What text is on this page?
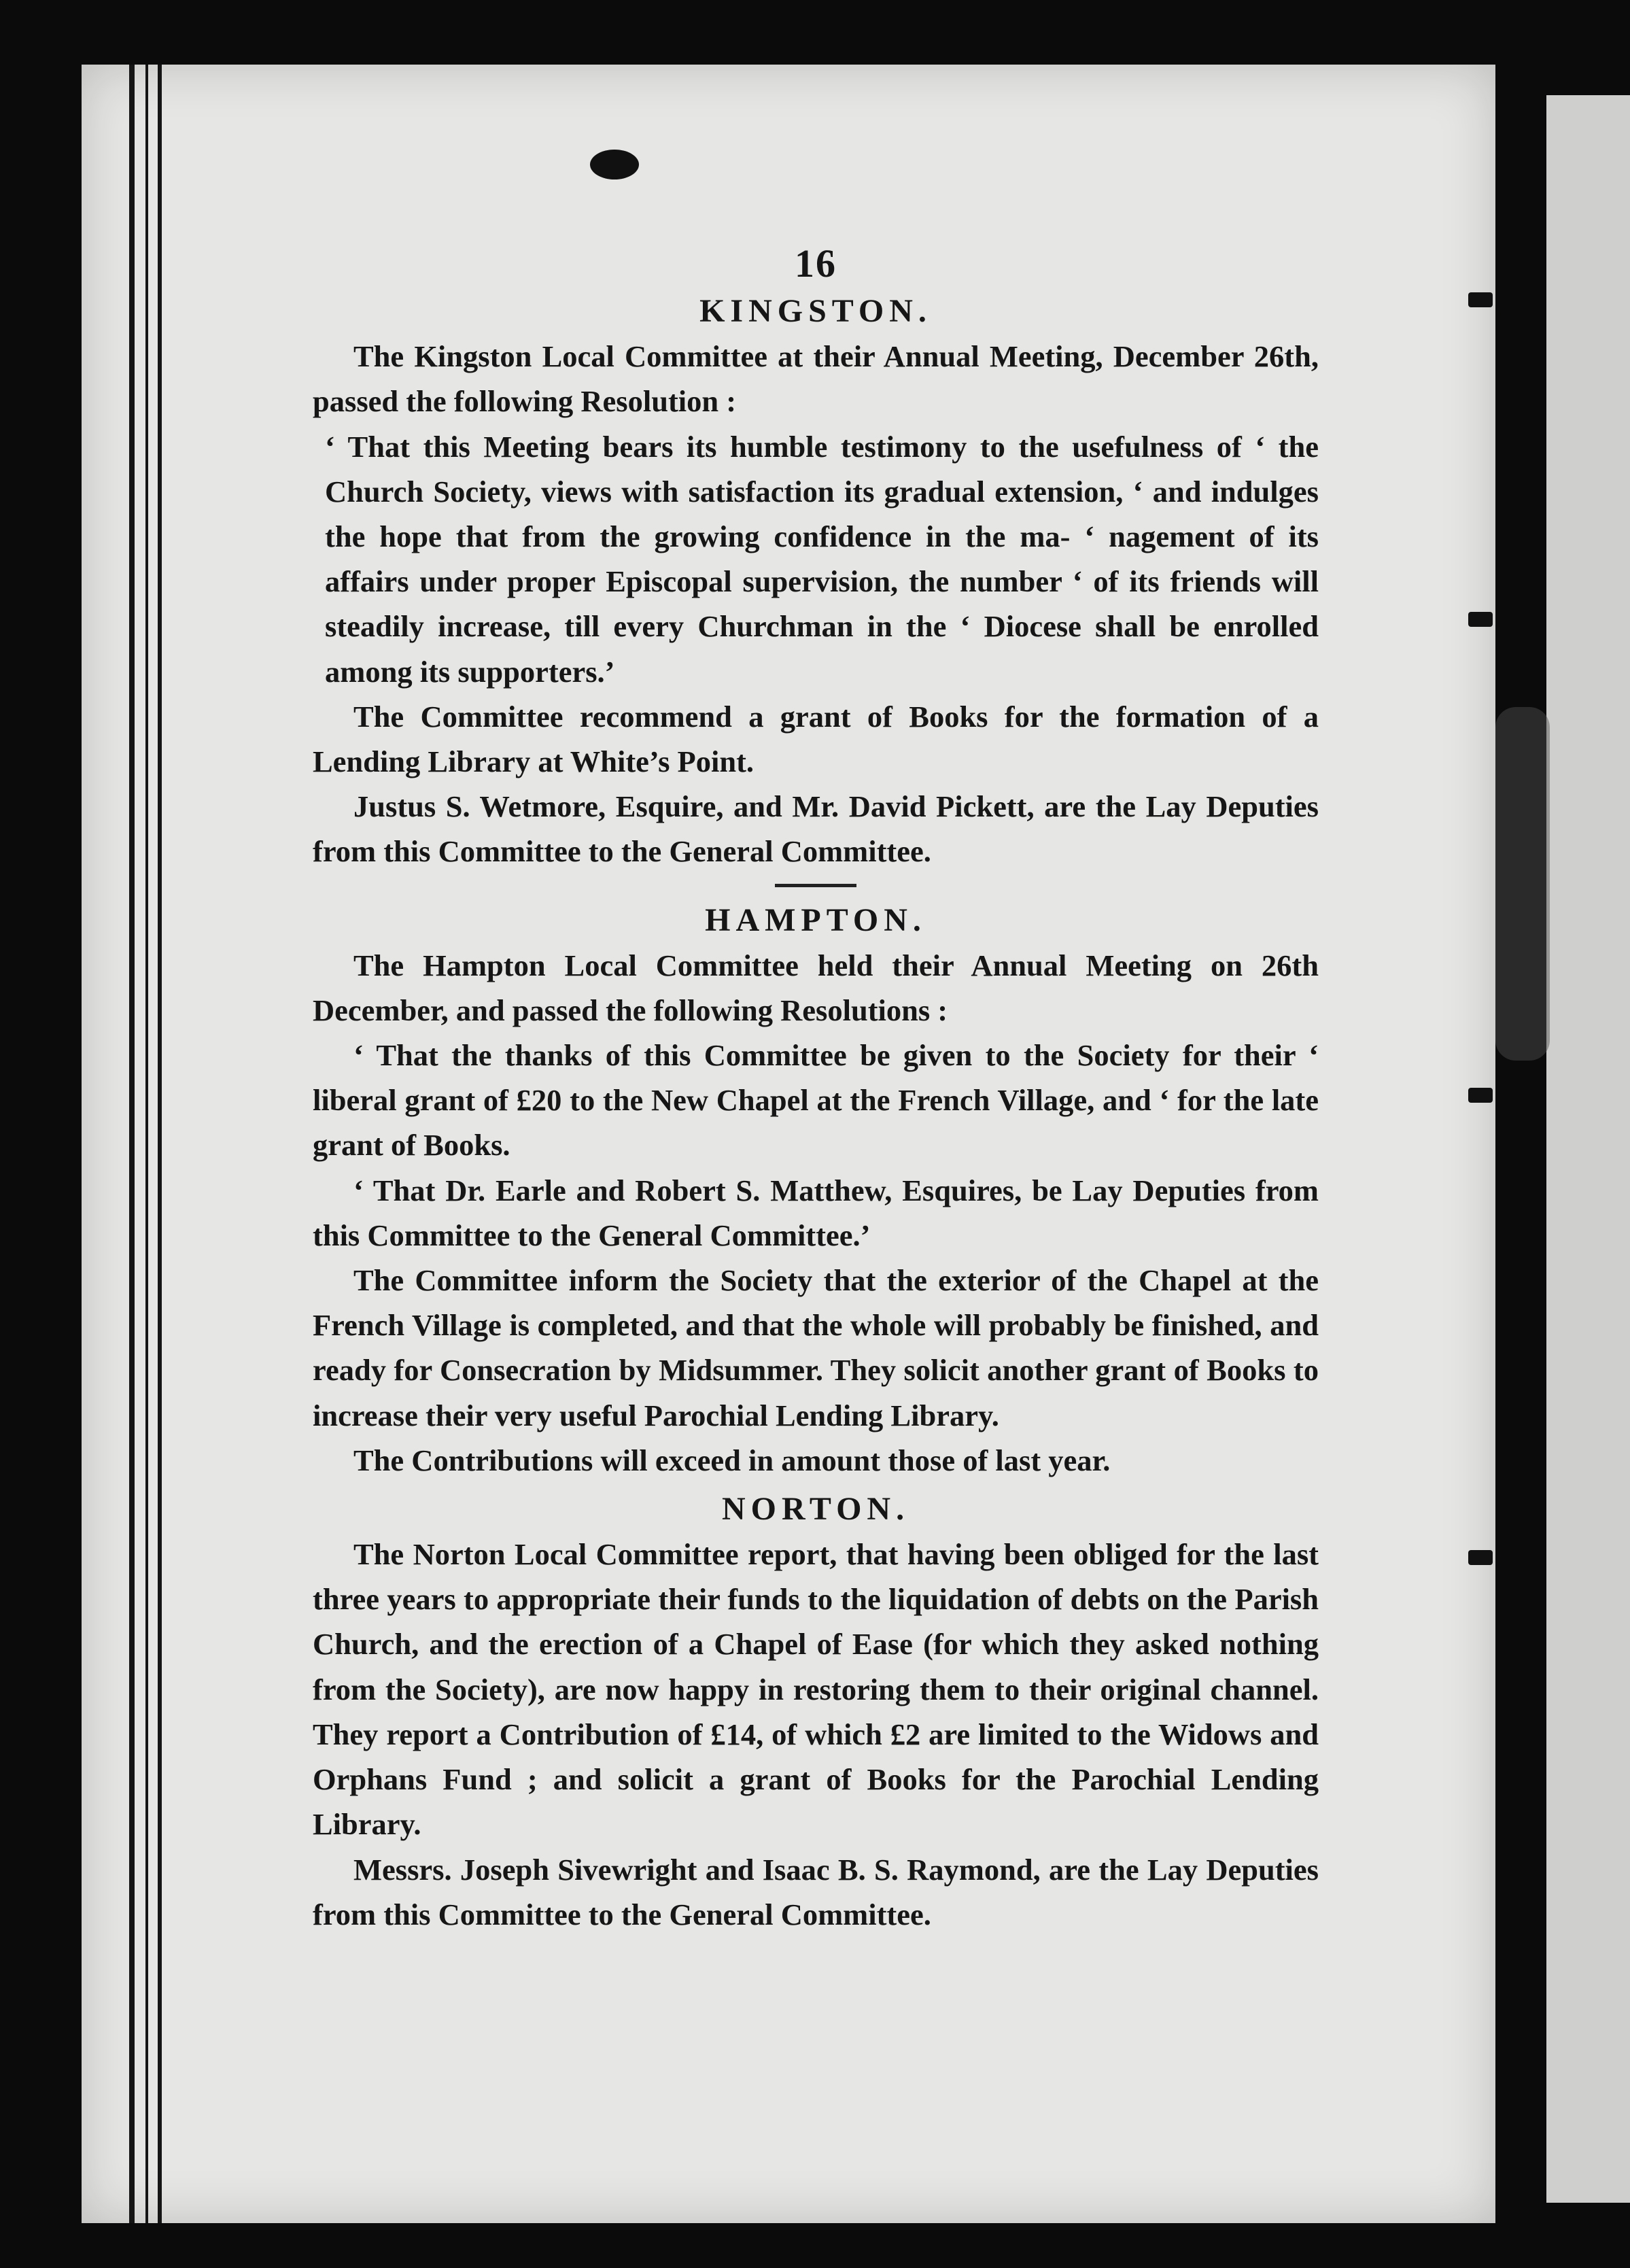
16
KINGSTON.

The Kingston Local Committee at their Annual Meeting, December 26th, passed the following Resolution :

‘ That this Meeting bears its humble testimony to the usefulness of ‘ the Church Society, views with satisfaction its gradual extension, ‘ and indulges the hope that from the growing confidence in the ma- ‘ nagement of its affairs under proper Episcopal supervision, the number ‘ of its friends will steadily increase, till every Churchman in the ‘ Diocese shall be enrolled among its supporters.’

The Committee recommend a grant of Books for the formation of a Lending Library at White’s Point.

Justus S. Wetmore, Esquire, and Mr. David Pickett, are the Lay Deputies from this Committee to the General Committee.

HAMPTON.

The Hampton Local Committee held their Annual Meeting on 26th December, and passed the following Resolutions :

‘ That the thanks of this Committee be given to the Society for their ‘ liberal grant of £20 to the New Chapel at the French Village, and ‘ for the late grant of Books.

‘ That Dr. Earle and Robert S. Matthew, Esquires, be Lay Deputies from this Committee to the General Committee.’

The Committee inform the Society that the exterior of the Chapel at the French Village is completed, and that the whole will probably be finished, and ready for Consecration by Midsummer. They solicit another grant of Books to increase their very useful Parochial Lending Library.

The Contributions will exceed in amount those of last year.

NORTON.

The Norton Local Committee report, that having been obliged for the last three years to appropriate their funds to the liquidation of debts on the Parish Church, and the erection of a Chapel of Ease (for which they asked nothing from the Society), are now happy in restoring them to their original channel. They report a Contribution of £14, of which £2 are limited to the Widows and Orphans Fund ; and solicit a grant of Books for the Parochial Lending Library.

Messrs. Joseph Sivewright and Isaac B. S. Raymond, are the Lay Deputies from this Committee to the General Committee.
